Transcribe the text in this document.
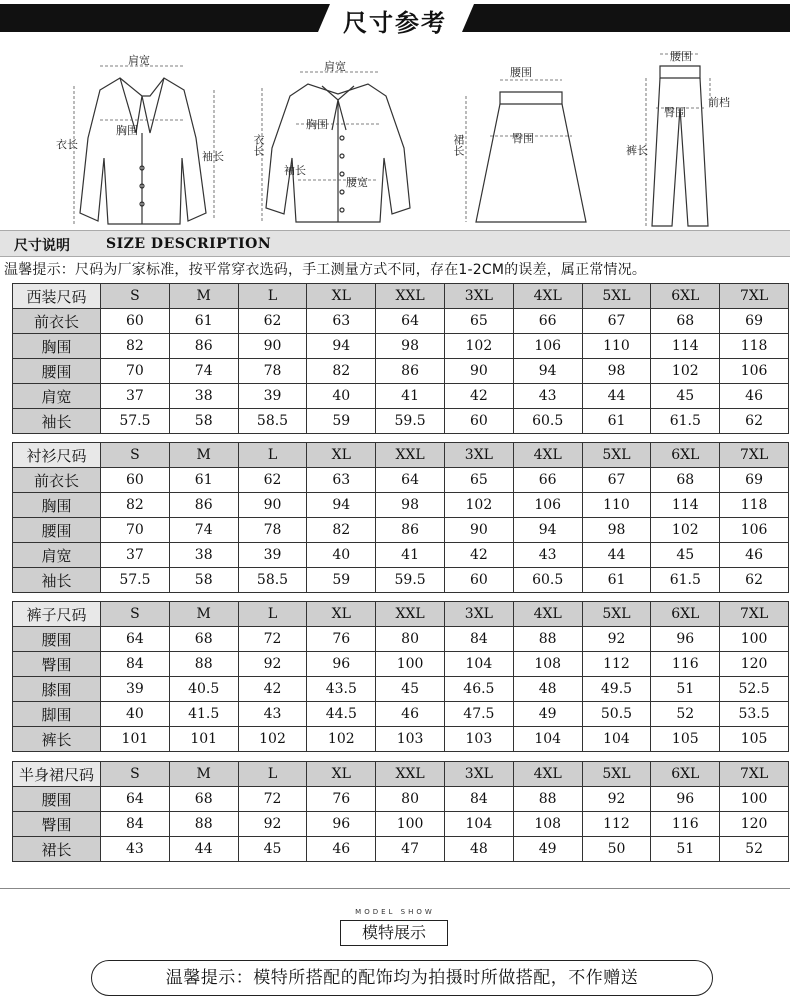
尺寸参考
肩宽
胸围
衣长
袖长
肩宽
胸围
衣长
袖长
腰宽
腰围
臀围
裙长
腰围
臀围
前档
裤长
尺寸说明	SIZE DESCRIPTION
温馨提示：尺码为厂家标准，按平常穿衣选码，手工测量方式不同，存在1-2CM的误差，属正常情况。
西装尺码	S	M	L	XL	XXL	3XL	4XL	5XL	6XL	7XL
前衣长	60	61	62	63	64	65	66	67	68	69
胸围	82	86	90	94	98	102	106	110	114	118
腰围	70	74	78	82	86	90	94	98	102	106
肩宽	37	38	39	40	41	42	43	44	45	46
袖长	57.5	58	58.5	59	59.5	60	60.5	61	61.5	62
衬衫尺码	S	M	L	XL	XXL	3XL	4XL	5XL	6XL	7XL
前衣长	60	61	62	63	64	65	66	67	68	69
胸围	82	86	90	94	98	102	106	110	114	118
腰围	70	74	78	82	86	90	94	98	102	106
肩宽	37	38	39	40	41	42	43	44	45	46
袖长	57.5	58	58.5	59	59.5	60	60.5	61	61.5	62
裤子尺码	S	M	L	XL	XXL	3XL	4XL	5XL	6XL	7XL
腰围	64	68	72	76	80	84	88	92	96	100
臀围	84	88	92	96	100	104	108	112	116	120
膝围	39	40.5	42	43.5	45	46.5	48	49.5	51	52.5
脚围	40	41.5	43	44.5	46	47.5	49	50.5	52	53.5
裤长	101	101	102	102	103	103	104	104	105	105
半身裙尺码	S	M	L	XL	XXL	3XL	4XL	5XL	6XL	7XL
腰围	64	68	72	76	80	84	88	92	96	100
臀围	84	88	92	96	100	104	108	112	116	120
裙长	43	44	45	46	47	48	49	50	51	52
MODEL SHOW
模特展示
温馨提示：模特所搭配的配饰均为拍摄时所做搭配，不作赠送
